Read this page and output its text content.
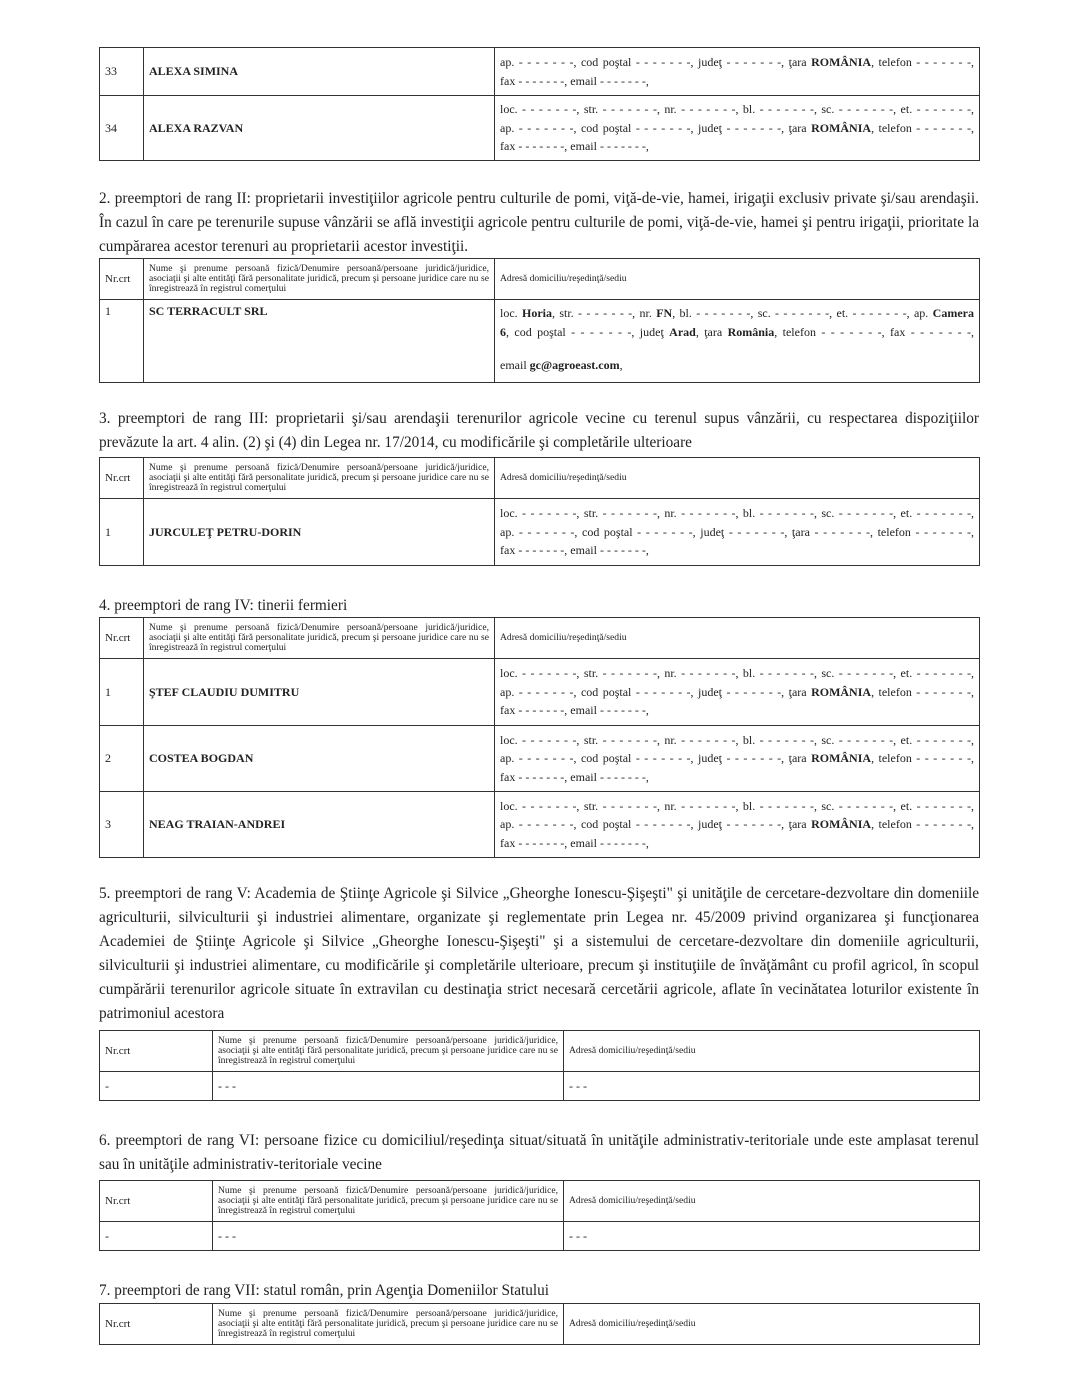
33	ALEXA SIMINA	ap. - - - - - - -, cod poştal - - - - - - -, judeţ - - - - - - -, ţara ROMÂNIA, telefon - - - - - - -,
fax - - - - - - -, email - - - - - - -,

34	ALEXA RAZVAN	loc. - - - - - - -, str. - - - - - - -, nr. - - - - - - -, bl. - - - - - - -, sc. - - - - - - -, et. - - - - - - -,
ap. - - - - - - -, cod poştal - - - - - - -, judeţ - - - - - - -, ţara ROMÂNIA, telefon - - - - - - -,
fax - - - - - - -, email - - - - - - -,
2. preemptori de rang II: proprietarii investiţiilor agricole pentru culturile de pomi, viţă-de-vie, hamei, irigaţii exclusiv private şi/sau arendaşii. În cazul în care pe terenurile supuse vânzării se află investiţii agricole pentru culturile de pomi, viţă-de-vie, hamei şi pentru irigaţii, prioritate la cumpărarea acestor terenuri au proprietarii acestor investiţii.
Nr.crt	Nume şi prenume persoană fizică/Denumire persoană/persoane juridică/juridice, asociaţii şi alte entităţi fără personalitate juridică, precum şi persoane juridice care nu se înregistrează în registrul comerţului	Adresă domiciliu/reşedinţă/sediu
1	SC TERRACULT SRL	loc. Horia, str. - - - - - - -, nr. FN, bl. - - - - - - -, sc. - - - - - - -, et. - - - - - - -, ap. Camera
6, cod poştal - - - - - - -, judeţ Arad, ţara România, telefon - - - - - - -, fax - - - - - - -,
email gc@agroeast.com,
3. preemptori de rang III: proprietarii şi/sau arendaşii terenurilor agricole vecine cu terenul supus vânzării, cu respectarea dispoziţiilor prevăzute la art. 4 alin. (2) şi (4) din Legea nr. 17/2014, cu modificările şi completările ulterioare
Nr.crt	Nume şi prenume persoană fizică/Denumire persoană/persoane juridică/juridice, asociaţii şi alte entităţi fără personalitate juridică, precum şi persoane juridice care nu se înregistrează în registrul comerţului	Adresă domiciliu/reşedinţă/sediu
1	JURCULEŢ PETRU-DORIN	loc. - - - - - - -, str. - - - - - - -, nr. - - - - - - -, bl. - - - - - - -, sc. - - - - - - -, et. - - - - - - -,
ap. - - - - - - -, cod poştal - - - - - - -, judeţ - - - - - - -, ţara - - - - - - -, telefon - - - - - - -,
fax - - - - - - -, email - - - - - - -,
4. preemptori de rang IV: tinerii fermieri
Nr.crt	Nume şi prenume persoană fizică/Denumire persoană/persoane juridică/juridice, asociaţii şi alte entităţi fără personalitate juridică, precum şi persoane juridice care nu se înregistrează în registrul comerţului	Adresă domiciliu/reşedinţă/sediu
1	ŞTEF CLAUDIU DUMITRU	loc. - - - - - - -, str. - - - - - - -, nr. - - - - - - -, bl. - - - - - - -, sc. - - - - - - -, et. - - - - - - -,
ap. - - - - - - -, cod poştal - - - - - - -, judeţ - - - - - - -, ţara ROMÂNIA, telefon - - - - - - -,
fax - - - - - - -, email - - - - - - -,

2	COSTEA BOGDAN	loc. - - - - - - -, str. - - - - - - -, nr. - - - - - - -, bl. - - - - - - -, sc. - - - - - - -, et. - - - - - - -,
ap. - - - - - - -, cod poştal - - - - - - -, judeţ - - - - - - -, ţara ROMÂNIA, telefon - - - - - - -,
fax - - - - - - -, email - - - - - - -,

3	NEAG TRAIAN-ANDREI	loc. - - - - - - -, str. - - - - - - -, nr. - - - - - - -, bl. - - - - - - -, sc. - - - - - - -, et. - - - - - - -,
ap. - - - - - - -, cod poştal - - - - - - -, judeţ - - - - - - -, ţara ROMÂNIA, telefon - - - - - - -,
fax - - - - - - -, email - - - - - - -,
5. preemptori de rang V: Academia de Ştiinţe Agricole şi Silvice „Gheorghe Ionescu-Şişeşti" şi unităţile de cercetare-dezvoltare din domeniile agriculturii, silviculturii şi industriei alimentare, organizate şi reglementate prin Legea nr. 45/2009 privind organizarea şi funcţionarea Academiei de Ştiinţe Agricole şi Silvice „Gheorghe Ionescu-Şişeşti" şi a sistemului de cercetare-dezvoltare din domeniile agriculturii, silviculturii şi industriei alimentare, cu modificările şi completările ulterioare, precum şi instituţiile de învăţământ cu profil agricol, în scopul cumpărării terenurilor agricole situate în extravilan cu destinaţia strict necesară cercetării agricole, aflate în vecinătatea loturilor existente în patrimoniul acestora
Nr.crt	Nume şi prenume persoană fizică/Denumire persoană/persoane juridică/juridice, asociaţii şi alte entităţi fără personalitate juridică, precum şi persoane juridice care nu se înregistrează în registrul comerţului	Adresă domiciliu/reşedinţă/sediu
-	- - -	- - -
6. preemptori de rang VI: persoane fizice cu domiciliul/reşedinţa situat/situată în unităţile administrativ-teritoriale unde este amplasat terenul sau în unităţile administrativ-teritoriale vecine
Nr.crt	Nume şi prenume persoană fizică/Denumire persoană/persoane juridică/juridice, asociaţii şi alte entităţi fără personalitate juridică, precum şi persoane juridice care nu se înregistrează în registrul comerţului	Adresă domiciliu/reşedinţă/sediu
-	- - -	- - -
7. preemptori de rang VII: statul român, prin Agenţia Domeniilor Statului
Nr.crt	Nume şi prenume persoană fizică/Denumire persoană/persoane juridică/juridice, asociaţii şi alte entităţi fără personalitate juridică, precum şi persoane juridice care nu se înregistrează în registrul comerţului	Adresă domiciliu/reşedinţă/sediu
